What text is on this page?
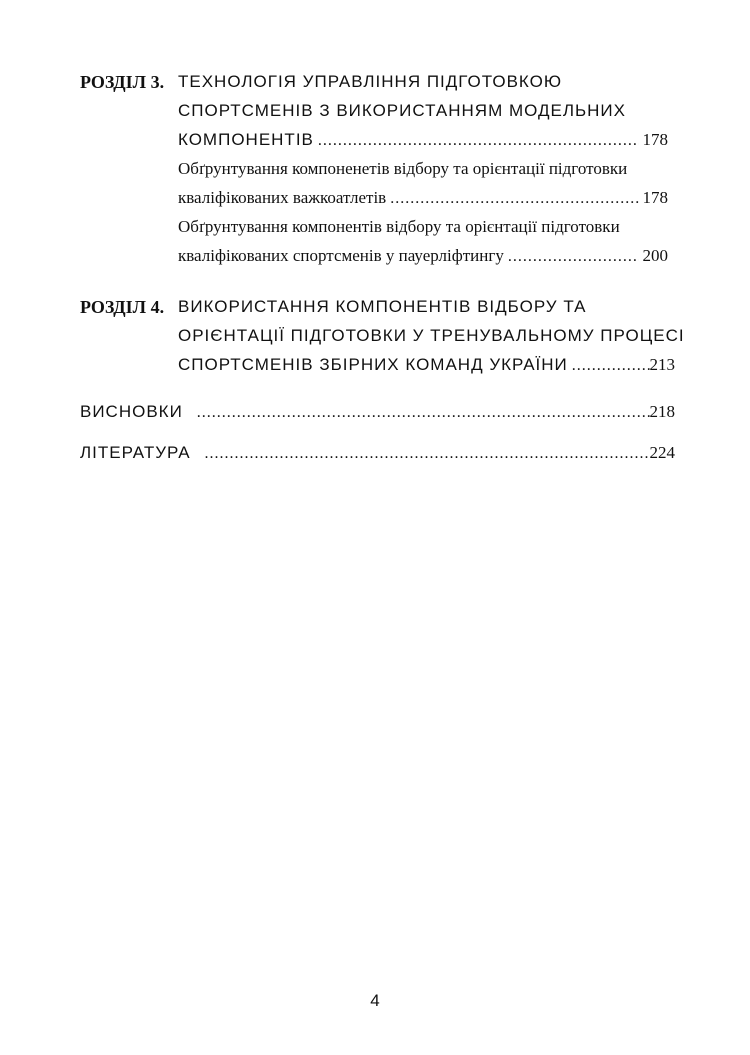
РОЗДІЛ 3. ТЕХНОЛОГІЯ УПРАВЛІННЯ ПІДГОТОВКОЮ
СПОРТСМЕНІВ З ВИКОРИСТАННЯМ МОДЕЛЬНИХ
КОМПОНЕНТІВ .....	178
Обґрунтування компоненетів відбору та орієнтації підготовки
кваліфікованих важкоатлетів .....	178
Обґрунтування компонентів відбору та орієнтації підготовки
кваліфікованих спортсменів у пауерліфтингу .....	200
РОЗДІЛ 4. ВИКОРИСТАННЯ КОМПОНЕНТІВ ВІДБОРУ ТА
ОРІЄНТАЦІЇ ПІДГОТОВКИ У ТРЕНУВАЛЬНОМУ ПРОЦЕСІ
СПОРТСМЕНІВ ЗБІРНИХ КОМАНД УКРАЇНИ .....	213
ВИСНОВКИ .....	218
ЛІТЕРАТУРА .....	224
4
